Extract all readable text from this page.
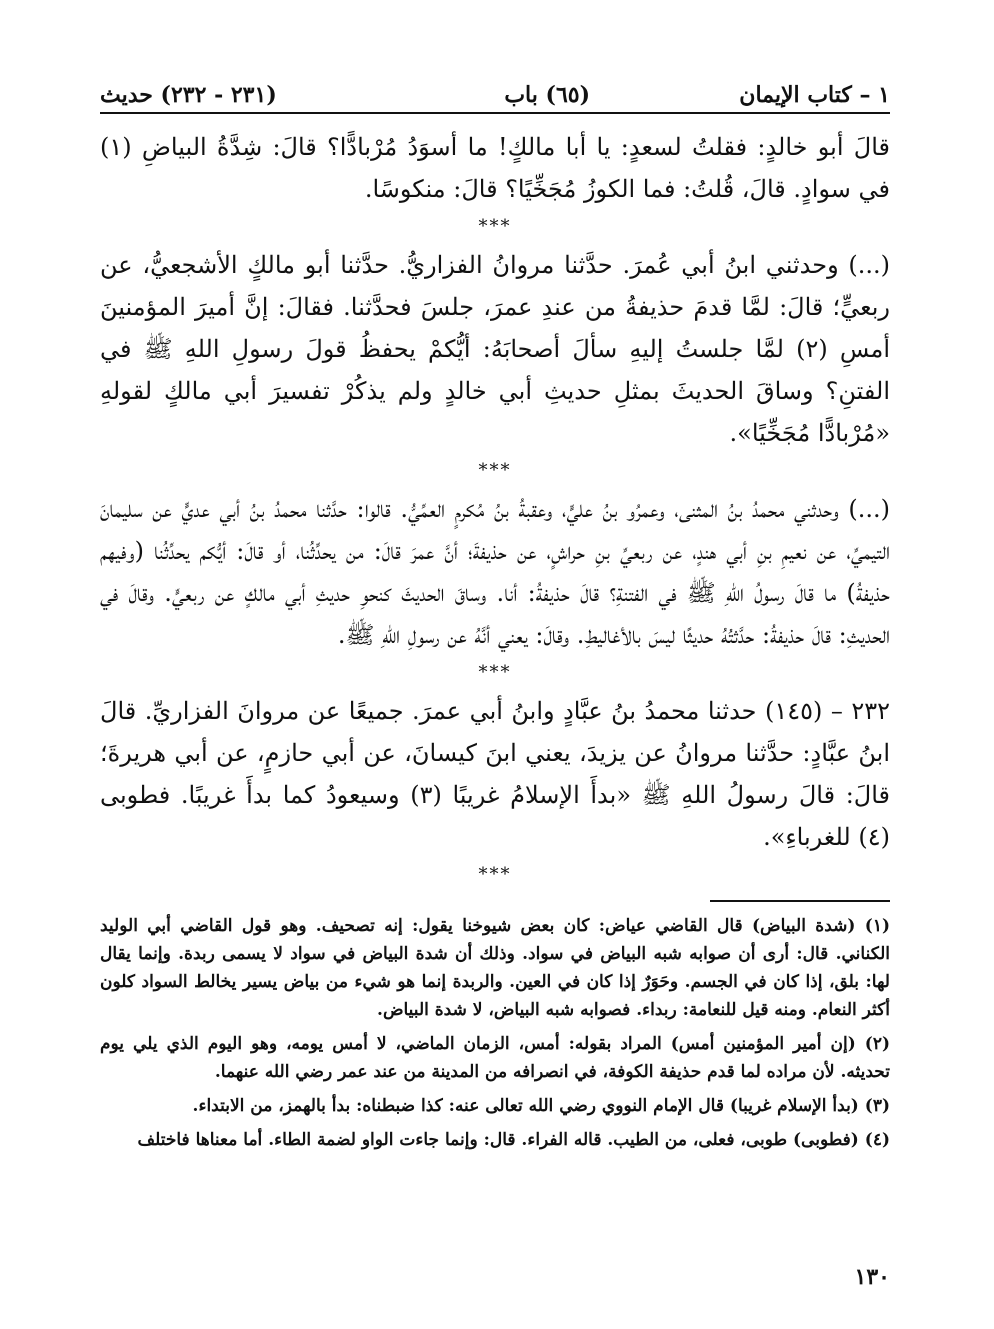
١ – كتاب الإيمان
(٦٥) باب
(٢٣١ - ٢٣٢) حديث

قالَ أبو خالدٍ: فقلتُ لسعدٍ: يا أبا مالكٍ! ما أسوَدُ مُرْبادًّا؟ قالَ: شِدَّةُ البياضِ (١) في سوادٍ. قالَ، قُلتُ: فما الكوزُ مُجَخِّيًا؟ قالَ: منكوسًا.

***

(...) وحدثني ابنُ أبي عُمرَ. حدَّثنا مروانُ الفزاريُّ. حدَّثنا أبو مالكٍ الأشجعيُّ، عن ربعيٍّ؛ قالَ: لمَّا قدمَ حذيفةُ من عندِ عمرَ، جلسَ فحدَّثنا. فقالَ: إنَّ أميرَ المؤمنينَ أمسِ (٢) لمَّا جلستُ إليهِ سألَ أصحابَهُ: أيُّكمْ يحفظُ قولَ رسولِ اللهِ ﷺ في الفتنِ؟ وساقَ الحديثَ بمثلِ حديثِ أبي خالدٍ ولم يذكُرْ تفسيرَ أبي مالكٍ لقولهِ «مُرْبادًّا مُجَخِّيًا».

***

(...) وحدثني محمدُ بنُ المثنى، وعمرُو بنُ عليٍّ، وعقبةُ بنُ مُكرمٍ العمِّيُّ. قالوا: حدَّثنا محمدُ بنُ أبي عديٍّ عن سليمانَ التيميِّ، عن نعيمِ بنِ أبي هندٍ، عن ربعيِّ بنِ حراشٍ، عن حذيفةَ؛ أنَّ عمرَ قالَ: من يحدِّثُنا، أو قالَ: أيُّكم يحدِّثُنا (وفيهم حذيفةُ) ما قالَ رسولُ اللهِ ﷺ في الفتنةِ؟ قالَ حذيفةُ: أنا. وساقَ الحديثَ كنحوِ حديثِ أبي مالكٍ عن ربعيٍّ. وقالَ في الحديثِ: قالَ حذيفةُ: حدَّثتُهُ حديثًا ليسَ بالأغاليطِ. وقالَ: يعني أنَّهُ عن رسولِ اللهِ ﷺ.

***

٢٣٢ – (١٤٥) حدثنا محمدُ بنُ عبَّادٍ وابنُ أبي عمرَ. جميعًا عن مروانَ الفزاريِّ. قالَ ابنُ عبَّادٍ: حدَّثنا مروانُ عن يزيدَ، يعني ابنَ كيسانَ، عن أبي حازمٍ، عن أبي هريرةَ؛ قالَ: قالَ رسولُ اللهِ ﷺ «بدأَ الإسلامُ غريبًا (٣) وسيعودُ كما بدأَ غريبًا. فطوبى (٤) للغرباءِ».

***

(١) (شدة البياض) قال القاضي عياض: كان بعض شيوخنا يقول: إنه تصحيف. وهو قول القاضي أبي الوليد الكناني. قال: أرى أن صوابه شبه البياض في سواد. وذلك أن شدة البياض في سواد لا يسمى ربدة. وإنما يقال لها: بلق، إذا كان في الجسم. وحَوَرٌ إذا كان في العين. والربدة إنما هو شيء من بياض يسير يخالط السواد كلون أكثر النعام. ومنه قيل للنعامة: ربداء. فصوابه شبه البياض، لا شدة البياض.

(٢) (إن أمير المؤمنين أمس) المراد بقوله: أمس، الزمان الماضي، لا أمس يومه، وهو اليوم الذي يلي يوم تحديثه. لأن مراده لما قدم حذيفة الكوفة، في انصرافه من المدينة من عند عمر رضي الله عنهما.

(٣) (بدأ الإسلام غريبا) قال الإمام النووي رضي الله تعالى عنه: كذا ضبطناه: بدأ بالهمز، من الابتداء.

(٤) (فطوبى) طوبى، فعلى، من الطيب. قاله الفراء. قال: وإنما جاءت الواو لضمة الطاء. أما معناها فاختلف

١٣٠
